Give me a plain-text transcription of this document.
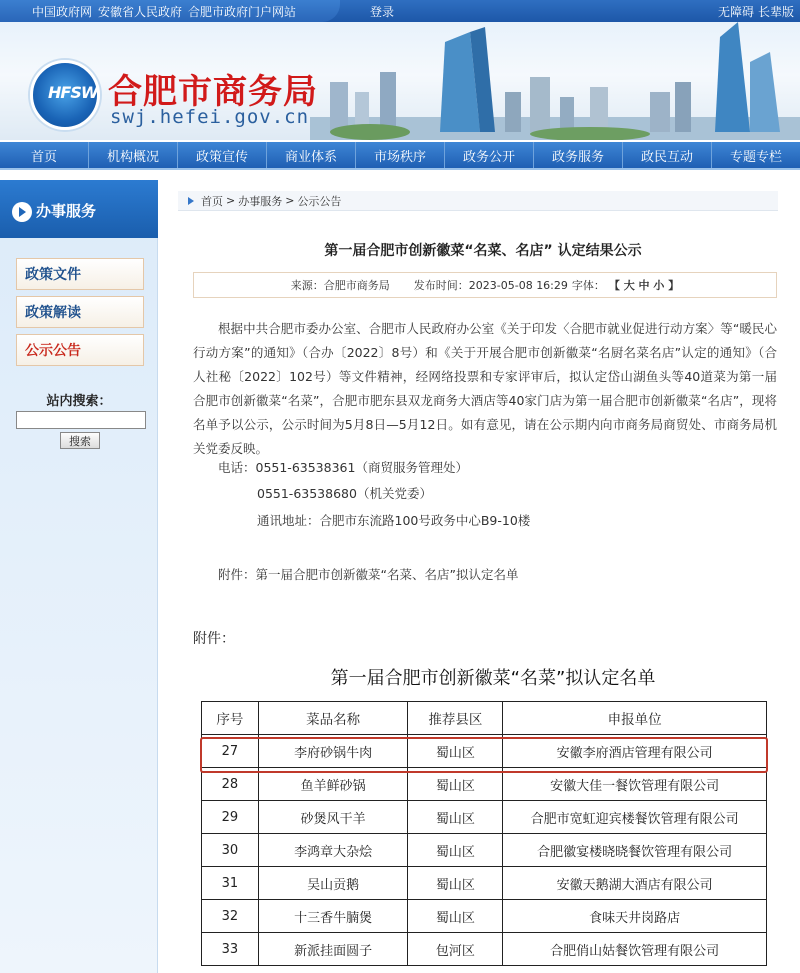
中国政府网 安徽省人民政府 合肥市政府门户网站	登录	无障碍 长辈版
HFSW 合肥市商务局
swj.hefei.gov.cn
首页	机构概况	政策宣传	商业体系	市场秩序	政务公开	政务服务	政民互动	专题专栏
办事服务
政策文件
政策解读
公示公告
站内搜索：
搜索
首页 > 办事服务 > 公示公告
第一届合肥市创新徽菜“名菜、名店” 认定结果公示
来源：合肥市商务局 发布时间：2023-05-08 16:29 字体： 【 大 中 小 】

根据中共合肥市委办公室、合肥市人民政府办公室《关于印发〈合肥市就业促进行动方案〉等“暖民心行动方案”的通知》（合办〔2022〕8号）和《关于开展合肥市创新徽菜“名厨名菜名店”认定的通知》（合人社秘〔2022〕102号）等文件精神，经网络投票和专家评审后，拟认定岱山湖鱼头等40道菜为第一届合肥市创新徽菜“名菜”，合肥市肥东县双龙商务大酒店等40家门店为第一届合肥市创新徽菜“名店”，现将名单予以公示，公示时间为5月8日—5月12日。如有意见，请在公示期内向市商务局商贸处、市商务局机关党委反映。

电话：0551-63538361（商贸服务管理处）
0551-63538680（机关党委）
通讯地址：合肥市东流路100号政务中心B9-10楼
附件：第一届合肥市创新徽菜“名菜、名店”拟认定名单
附件：
第一届合肥市创新徽菜“名菜”拟认定名单
序号	菜品名称	推荐县区	申报单位
27	李府砂锅牛肉	蜀山区	安徽李府酒店管理有限公司
28	鱼羊鲜砂锅	蜀山区	安徽大佳一餐饮管理有限公司
29	砂煲风干羊	蜀山区	合肥市宽虹迎宾楼餐饮管理有限公司
30	李鸿章大杂烩	蜀山区	合肥徽宴楼晓晓餐饮管理有限公司
31	吴山贡鹅	蜀山区	安徽天鹅湖大酒店有限公司
32	十三香牛腩煲	蜀山区	食味天井岗路店
33	新派挂面圆子	包河区	合肥俏山姑餐饮管理有限公司
